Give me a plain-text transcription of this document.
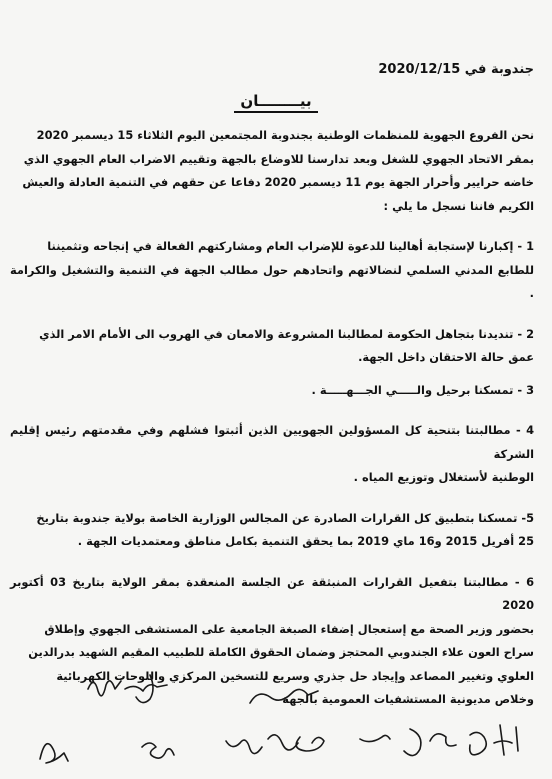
جندوبة في 2020/12/15
بيــــــــان
نحن الفروع الجهوية للمنظمات الوطنية بجندوبة المجتمعين اليوم الثلاثاء 15 ديسمبر 2020
بمقر الاتحاد الجهوي للشغل وبعد تدارسنا للاوضاع بالجهة وتقييم الاضراب العام الجهوي الذي
خاضه حرايير وأحرار الجهة يوم 11 ديسمبر 2020 دفاعا عن حقهم في التنمية العادلة والعيش
الكريم فاننا نسجل ما يلي :
1 - إكبارنا لإستجابة أهالينا للدعوة للإضراب العام ومشاركتهم الفعالة في إنجاحه وتثميننا
للطابع المدني السلمي لنضالاتهم واتحادهم حول مطالب الجهة في التنمية والتشغيل والكرامة .
2 - تنديدنا بتجاهل الحكومة لمطالبنا المشروعة والامعان في الهروب الى الأمام الامر الذي
عمق حالة الاحتقان داخل الجهة.
3 - تمسكنا برحيل والـــــي الجـــهـــــة .
4 - مطالبتنا بتنحية كل المسؤولين الجهويين الذين أثبتوا فشلهم وفي مقدمتهم رئيس إقليم الشركة
الوطنية لأستغلال وتوزيع المياه .
5- تمسكنا بتطبيق كل القرارات الصادرة عن المجالس الوزارية الخاصة بولاية جندوبة بتاريخ
25 أفريل 2015 و16 ماي 2019 بما يحقق التنمية بكامل مناطق ومعتمديات الجهة .
6 - مطالبتنا بتفعيل القرارات المنبثقة عن الجلسة المنعقدة بمقر الولاية بتاريخ 03 أكتوبر 2020
بحضور وزير الصحة مع إستعجال إضفاء الصبغة الجامعية على المستشفى الجهوي وإطلاق
سراح العون علاء الجندوبي المحتجز وضمان الحقوق الكاملة للطبيب المقيم الشهيد بدرالدين
العلوي وتغيير المصاعد وإيجاد حل جذري وسريع للتسخين المركزي واللوحات الكهربائية
وخلاص مديونية المستشفيات العمومية بالجهة
